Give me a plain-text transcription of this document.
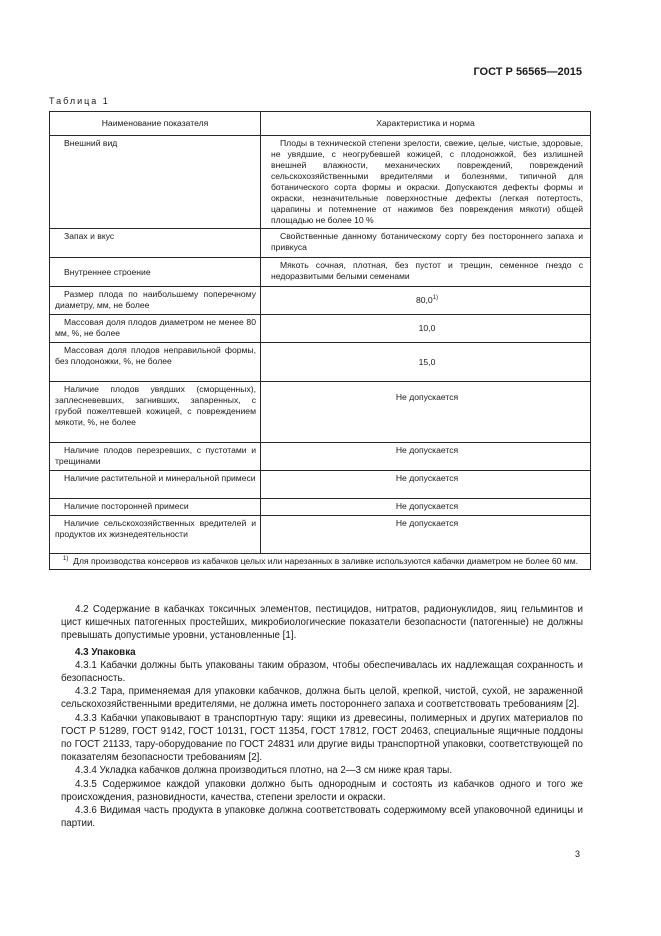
ГОСТ Р 56565—2015
Таблица 1
Наименование показателя	Характеристика и норма
Внешний вид	Плоды в технической степени зрелости, свежие, целые, чистые, здоровые, не увядшие, с неогрубевшей кожицей, с плодоножкой, без излишней внешней влажности, механических повреждений, повреждений сельскохозяйственными вредителями и болезнями, типичной для ботанического сорта формы и окраски. Допускаются дефекты формы и окраски, незначительные поверхностные дефекты (легкая потертость, царапины и потемнение от нажимов без повреждения мякоти) общей площадью не более 10 %
Запах и вкус	Свойственные данному ботаническому сорту без постороннего запаха и привкуса
Внутреннее строение	Мякоть сочная, плотная, без пустот и трещин, семенное гнездо с недоразвитыми белыми семенами
Размер плода по наибольшему поперечному диаметру, мм, не более	80,0$^{1)}$
Массовая доля плодов диаметром не менее 80 мм, %, не более	10,0
Массовая доля плодов неправильной формы, без плодоножки, %, не более	15,0
Наличие плодов увядших (сморщенных), заплесневевших, загнивших, запаренных, с грубой пожелтевшей кожицей, с повреждением мякоти, %, не более	Не допускается
Наличие плодов перезревших, с пустотами и трещинами	Не допускается
Наличие растительной и минеральной примеси	Не допускается
Наличие посторонней примеси	Не допускается
Наличие сельскохозяйственных вредителей и продуктов их жизнедеятельности	Не допускается
$^{1)}$ Для производства консервов из кабачков целых или нарезанных в заливке используются кабачки диаметром не более 60 мм.	

4.2 Содержание в кабачках токсичных элементов, пестицидов, нитратов, радионуклидов, яиц гельминтов и цист кишечных патогенных простейших, микробиологические показатели безопасности (патогенные) не должны превышать допустимые уровни, установленные [1].

4.3 Упаковка

4.3.1 Кабачки должны быть упакованы таким образом, чтобы обеспечивалась их надлежащая сохранность и безопасность.

4.3.2 Тара, применяемая для упаковки кабачков, должна быть целой, крепкой, чистой, сухой, не зараженной сельскохозяйственными вредителями, не должна иметь постороннего запаха и соответствовать требованиям [2].

4.3.3 Кабачки упаковывают в транспортную тару: ящики из древесины, полимерных и других материалов по ГОСТ Р 51289, ГОСТ 9142, ГОСТ 10131, ГОСТ 11354, ГОСТ 17812, ГОСТ 20463, специальные ящичные поддоны по ГОСТ 21133, тару-оборудование по ГОСТ 24831 или другие виды транспортной упаковки, соответствующей по показателям безопасности требованиям [2].

4.3.4 Укладка кабачков должна производиться плотно, на 2—3 см ниже края тары.

4.3.5 Содержимое каждой упаковки должно быть однородным и состоять из кабачков одного и того же происхождения, разновидности, качества, степени зрелости и окраски.

4.3.6 Видимая часть продукта в упаковке должна соответствовать содержимому всей упаковочной единицы и партии.

3
